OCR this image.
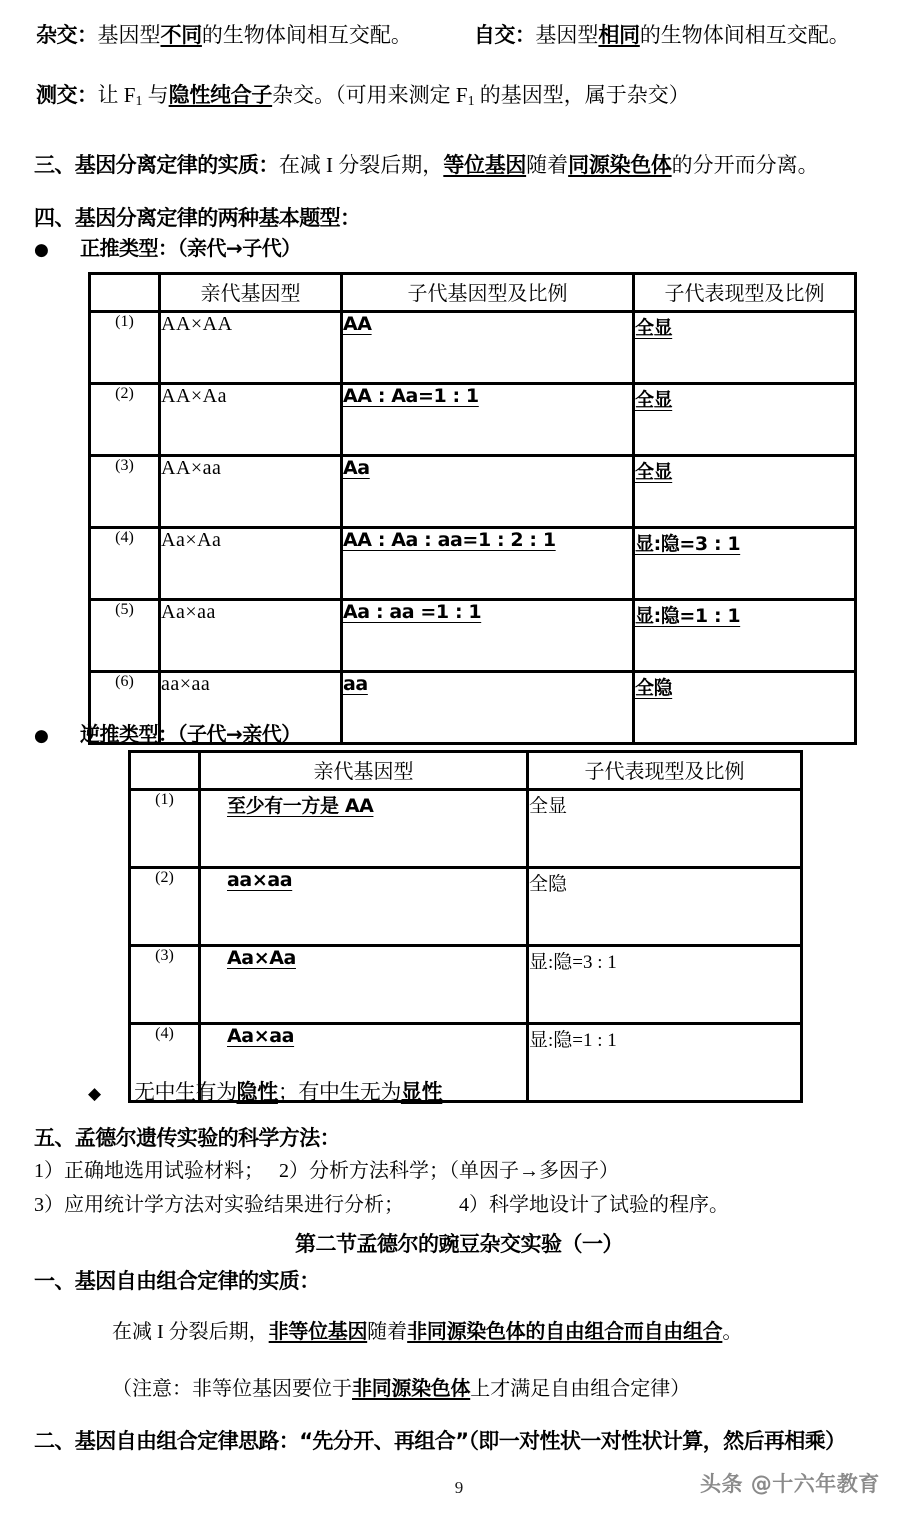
杂交：基因型不同的生物体间相互交配。	自交：基因型相同的生物体间相互交配。
测交：让 $F_1$ 与隐性纯合子杂交。（可用来测定 $F_1$ 的基因型，属于杂交）
三、基因分离定律的实质：在减 I 分裂后期，等位基因随着同源染色体的分开而分离。
四、基因分离定律的两种基本题型：
● 正推类型：（亲代→子代）
	亲代基因型	子代基因型及比例	子代表现型及比例
(1)	AA×AA	AA	全显
(2)	AA×Aa	AA : Aa=1 : 1	全显
(3)	AA×aa	Aa	全显
(4)	Aa×Aa	AA : Aa : aa=1 : 2 : 1	显:隐=3 : 1
(5)	Aa×aa	Aa : aa =1 : 1	显:隐=1 : 1
(6)	aa×aa	aa	全隐
● 逆推类型：（子代→亲代）
	亲代基因型	子代表现型及比例
(1)	至少有一方是 AA	全显
(2)	aa×aa	全隐
(3)	Aa×Aa	显:隐=3 : 1
(4)	Aa×aa	显:隐=1 : 1
◆ 无中生有为隐性；有中生无为显性
五、孟德尔遗传实验的科学方法：
1）正确地选用试验材料；　 2）分析方法科学；（单因子→多因子）
3）应用统计学方法对实验结果进行分析；　　　 4）科学地设计了试验的程序。
第二节孟德尔的豌豆杂交实验（一）
一、基因自由组合定律的实质：
在减 I 分裂后期，非等位基因随着非同源染色体的自由组合而自由组合。
（注意：非等位基因要位于非同源染色体上才满足自由组合定律）
二、基因自由组合定律思路：“先分开、再组合”（即一对性状一对性状计算，然后再相乘）
头条 @十六年教育
9
